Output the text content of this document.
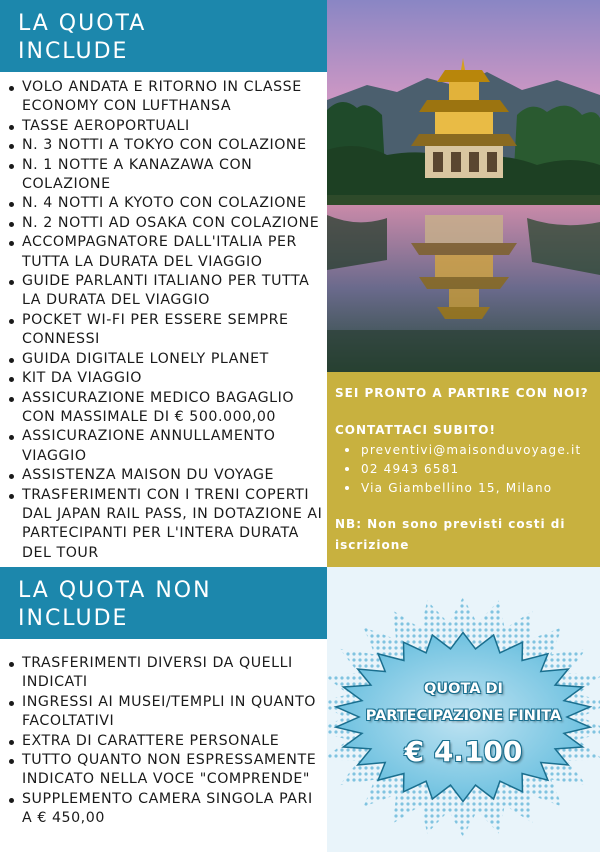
LA QUOTA
INCLUDE
VOLO ANDATA E RITORNO IN CLASSE ECONOMY CON LUFTHANSA
TASSE AEROPORTUALI
N. 3 NOTTI A TOKYO CON COLAZIONE
N. 1 NOTTE A KANAZAWA CON COLAZIONE
N. 4 NOTTI A KYOTO CON COLAZIONE
N. 2 NOTTI AD OSAKA CON COLAZIONE
ACCOMPAGNATORE DALL'ITALIA PER TUTTA LA DURATA DEL VIAGGIO
GUIDE PARLANTI ITALIANO PER TUTTA LA DURATA DEL VIAGGIO
POCKET WI-FI PER ESSERE SEMPRE CONNESSI
GUIDA DIGITALE LONELY PLANET
KIT DA VIAGGIO
ASSICURAZIONE MEDICO BAGAGLIO CON MASSIMALE DI € 500.000,00
ASSICURAZIONE ANNULLAMENTO VIAGGIO
ASSISTENZA MAISON DU VOYAGE
TRASFERIMENTI CON I TRENI COPERTI DAL JAPAN RAIL PASS, IN DOTAZIONE AI PARTECIPANTI PER L'INTERA DURATA DEL TOUR
LA QUOTA NON
INCLUDE
TRASFERIMENTI DIVERSI DA QUELLI INDICATI
INGRESSI AI MUSEI/TEMPLI IN QUANTO FACOLTATIVI
EXTRA DI CARATTERE PERSONALE
TUTTO QUANTO NON ESPRESSAMENTE INDICATO NELLA VOCE "COMPRENDE"
SUPPLEMENTO CAMERA SINGOLA PARI A € 450,00
SEI PRONTO A PARTIRE CON NOI?
CONTATTACI SUBITO!
preventivi@maisonduvoyage.it
02 4943 6581
Via Giambellino 15, Milano
NB: Non sono previsti costi di iscrizione
QUOTA DI
PARTECIPAZIONE FINITA
€ 4.100
